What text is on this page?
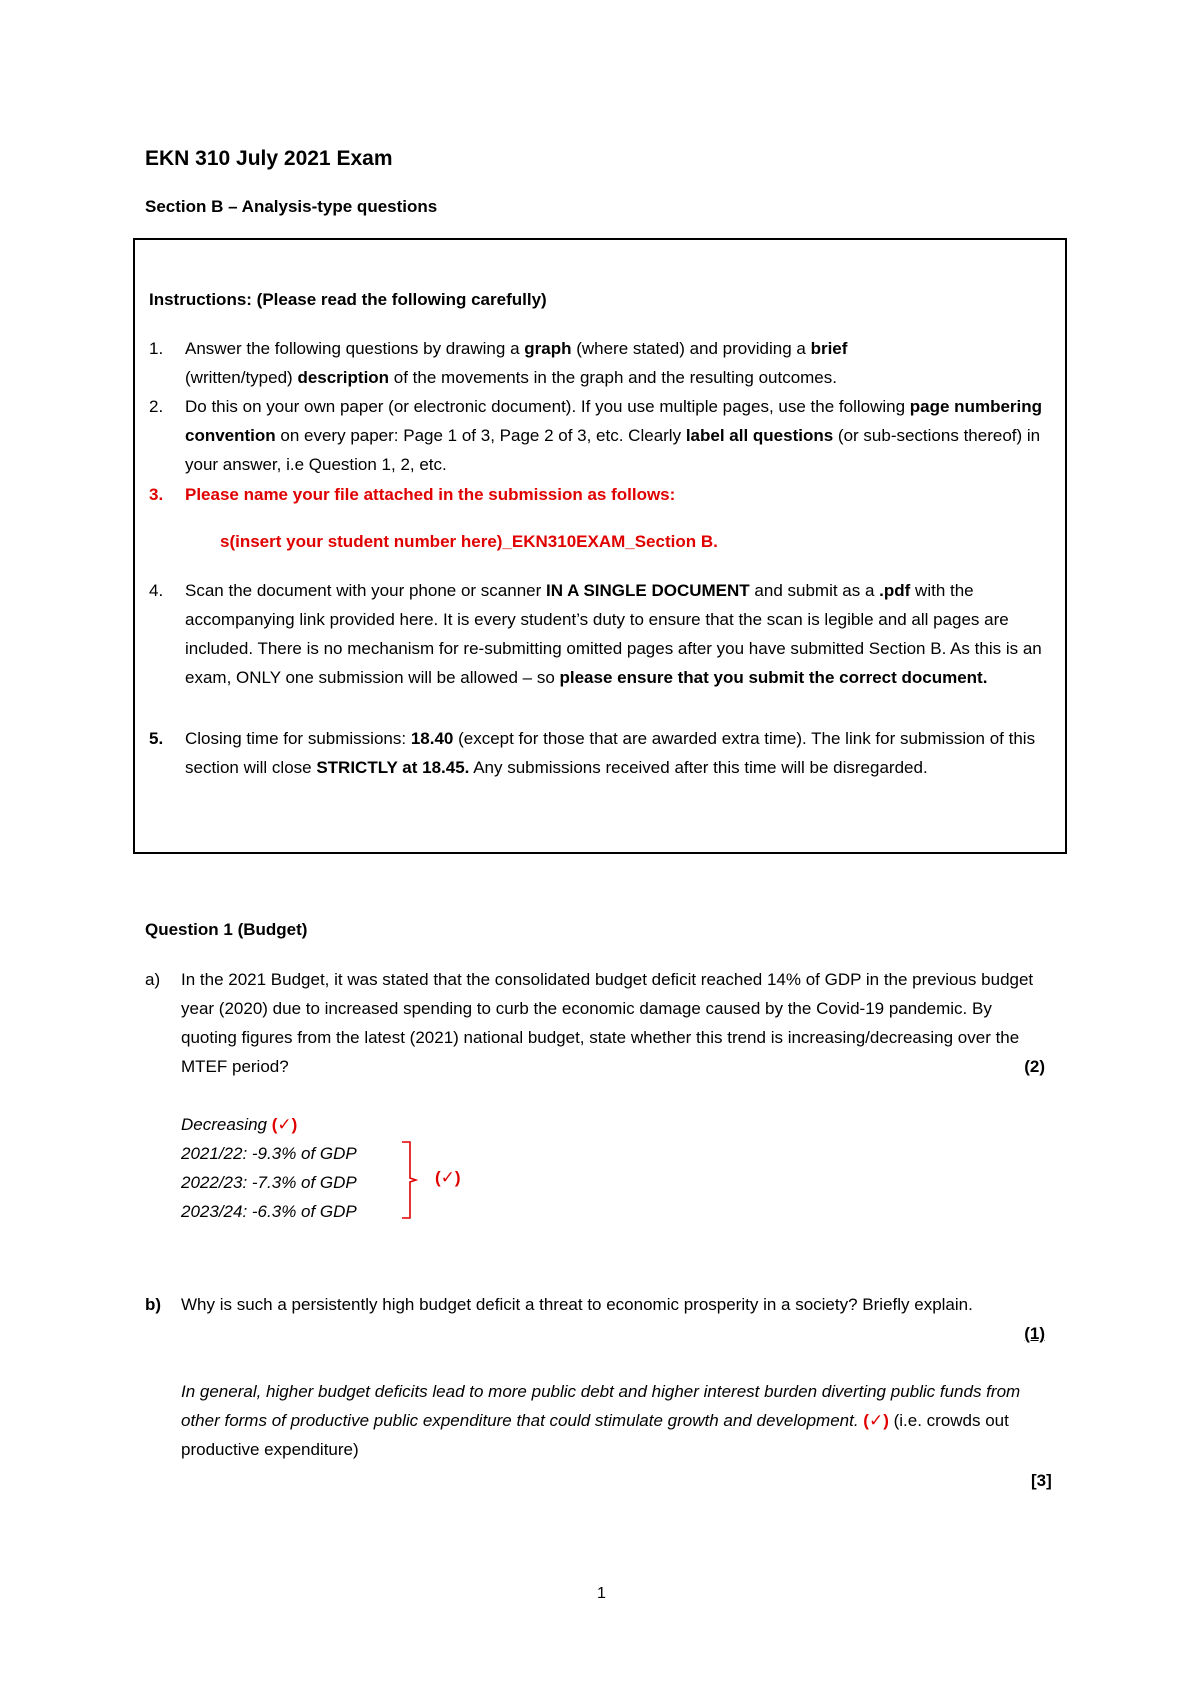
EKN 310 July 2021 Exam
Section B – Analysis-type questions
Instructions: (Please read the following carefully)
1.	Answer the following questions by drawing a graph (where stated) and providing a brief
(written/typed) description of the movements in the graph and the resulting outcomes.
2.	Do this on your own paper (or electronic document). If you use multiple pages, use the following page numbering convention on every paper: Page 1 of 3, Page 2 of 3, etc. Clearly label all questions (or sub-sections thereof) in your answer, i.e Question 1, 2, etc.
3.	Please name your file attached in the submission as follows:
s(insert your student number here)_EKN310EXAM_Section B.
4.	Scan the document with your phone or scanner IN A SINGLE DOCUMENT and submit as a .pdf with the accompanying link provided here. It is every student’s duty to ensure that the scan is legible and all pages are included. There is no mechanism for re-submitting omitted pages after you have submitted Section B. As this is an exam, ONLY one submission will be allowed – so please ensure that you submit the correct document.
5.	Closing time for submissions: 18.40 (except for those that are awarded extra time). The link for submission of this section will close STRICTLY at 18.45. Any submissions received after this time will be disregarded.
Question 1 (Budget)
a) In the 2021 Budget, it was stated that the consolidated budget deficit reached 14% of GDP in the previous budget year (2020) due to increased spending to curb the economic damage caused by the Covid-19 pandemic. By quoting figures from the latest (2021) national budget, state whether this trend is increasing/decreasing over the MTEF period?	(2)
Decreasing (✓)
2021/22: -9.3% of GDP
2022/23: -7.3% of GDP
2023/24: -6.3% of GDP
(✓)
b) Why is such a persistently high budget deficit a threat to economic prosperity in a society? Briefly explain.
(1)
In general, higher budget deficits lead to more public debt and higher interest burden diverting public funds from other forms of productive public expenditure that could stimulate growth and development. (✓) (i.e. crowds out productive expenditure)
[3]
1
